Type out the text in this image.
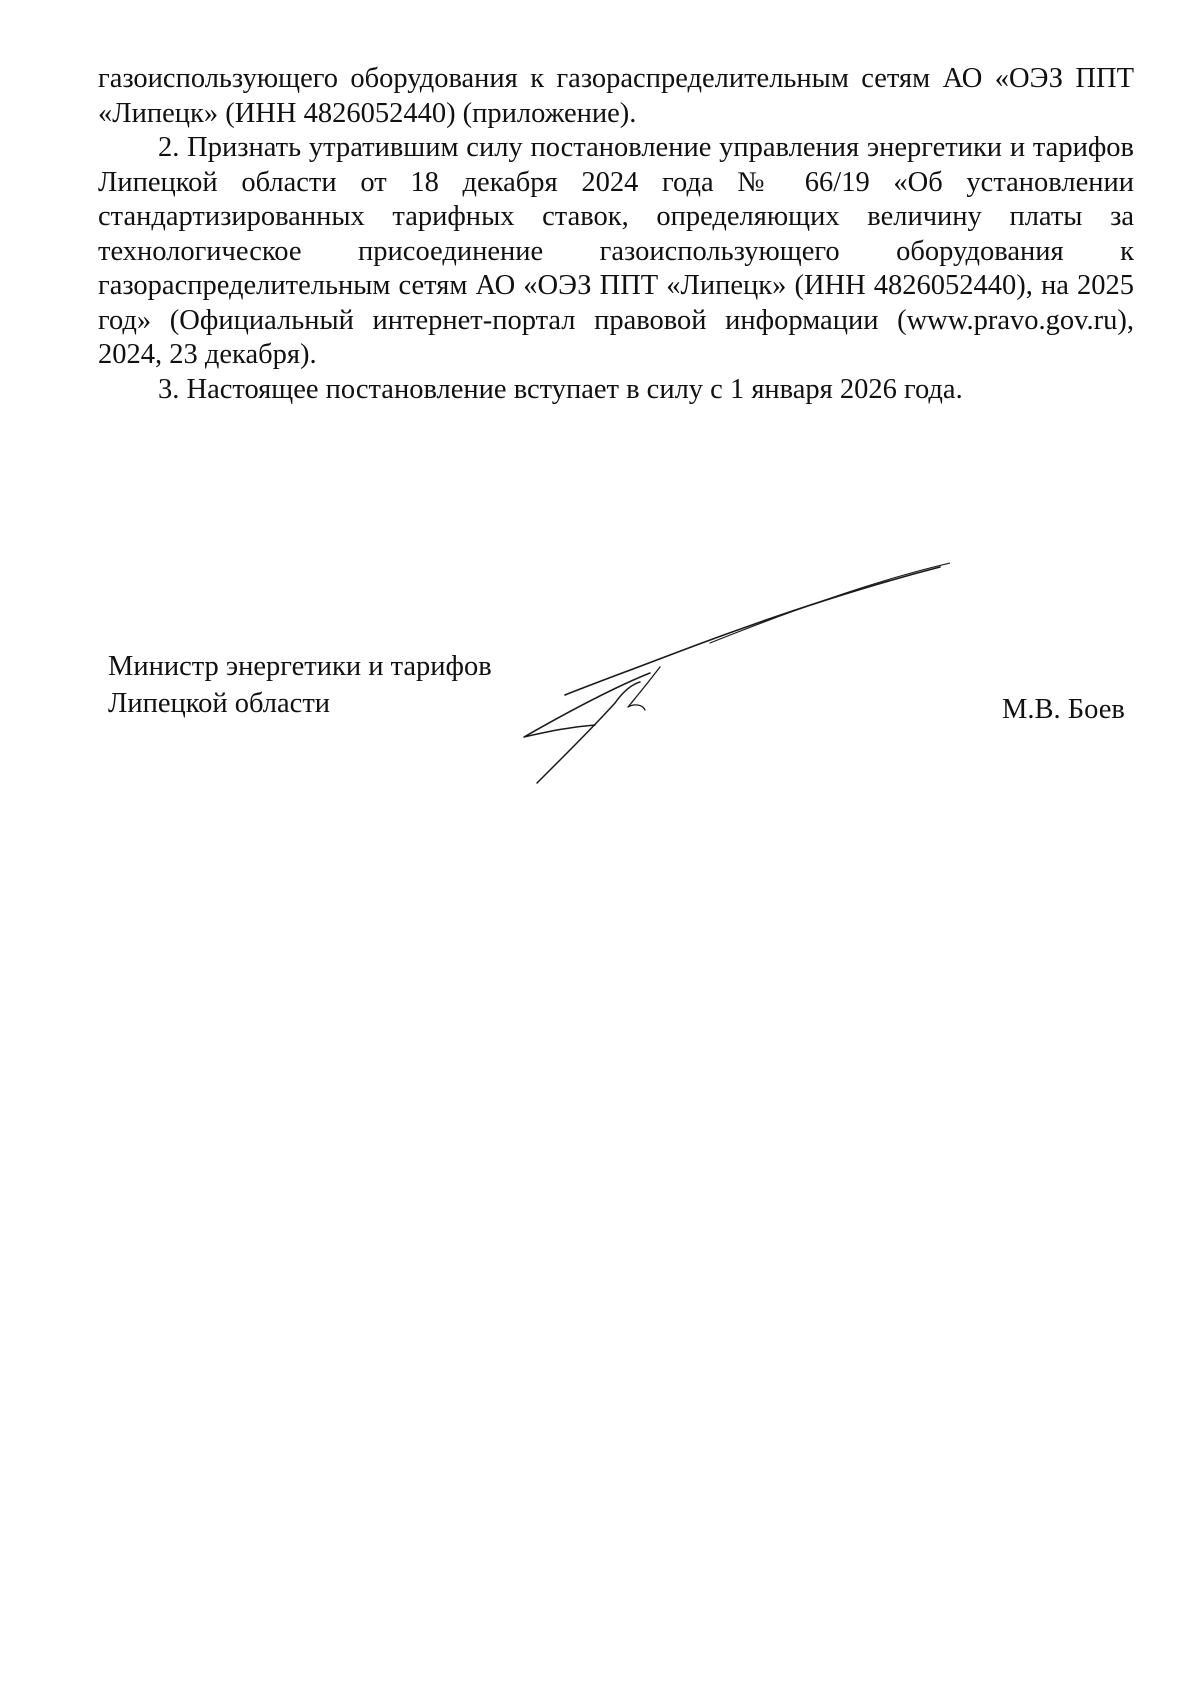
газоиспользующего оборудования к газораспределительным сетям АО «ОЭЗ ППТ «Липецк» (ИНН 4826052440) (приложение).

2. Признать утратившим силу постановление управления энергетики и тарифов Липецкой области от 18 декабря 2024 года № 66/19 «Об установлении стандартизированных тарифных ставок, определяющих величину платы за технологическое присоединение газоиспользующего оборудования к газораспределительным сетям АО «ОЭЗ ППТ «Липецк» (ИНН 4826052440), на 2025 год» (Официальный интернет-портал правовой информации (www.pravo.gov.ru), 2024, 23 декабря).

3. Настоящее постановление вступает в силу с 1 января 2026 года.

Министр энергетики и тарифов
Липецкой области	М.В. Боев
